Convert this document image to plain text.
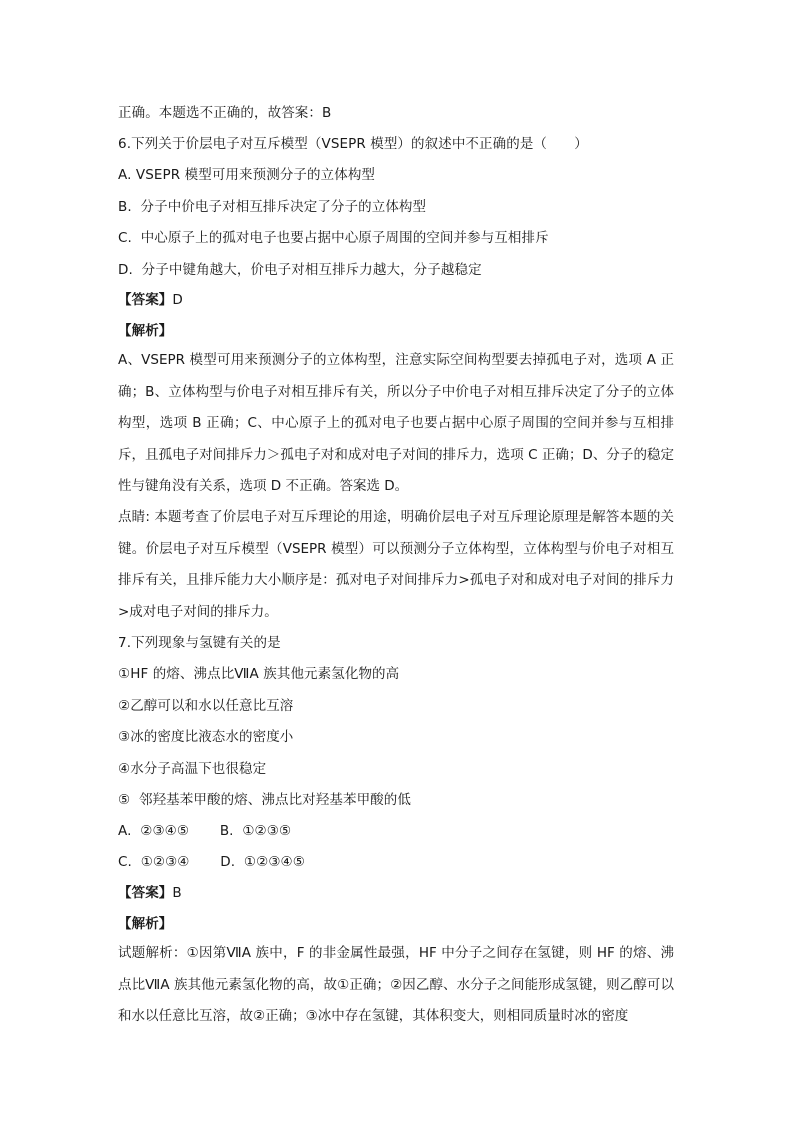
正确。本题选不正确的，故答案：B
6.下列关于价层电子对互斥模型（VSEPR 模型）的叙述中不正确的是（　　）
A. VSEPR 模型可用来预测分子的立体构型
B.  分子中价电子对相互排斥决定了分子的立体构型
C.  中心原子上的孤对电子也要占据中心原子周围的空间并参与互相排斥
D.  分子中键角越大，价电子对相互排斥力越大，分子越稳定
【答案】D
【解析】
A、VSEPR 模型可用来预测分子的立体构型，注意实际空间构型要去掉孤电子对，选项 A 正确；B、立体构型与价电子对相互排斥有关，所以分子中价电子对相互排斥决定了分子的立体构型，选项 B 正确；C、中心原子上的孤对电子也要占据中心原子周围的空间并参与互相排斥，且孤电子对间排斥力＞孤电子对和成对电子对间的排斥力，选项 C 正确；D、分子的稳定性与键角没有关系，选项 D 不正确。答案选 D。
点睛: 本题考查了价层电子对互斥理论的用途，明确价层电子对互斥理论原理是解答本题的关键。价层电子对互斥模型（VSEPR 模型）可以预测分子立体构型，立体构型与价电子对相互排斥有关，且排斥能力大小顺序是：孤对电子对间排斥力>孤电子对和成对电子对间的排斥力>成对电子对间的排斥力。
7.下列现象与氢键有关的是
①HF 的熔、沸点比ⅦA 族其他元素氢化物的高
②乙醇可以和水以任意比互溶
③冰的密度比液态水的密度小
④水分子高温下也很稳定
⑤  邻羟基苯甲酸的熔、沸点比对羟基苯甲酸的低
A.  ②③④⑤       B.  ①②③⑤
C.  ①②③④       D.  ①②③④⑤
【答案】B
【解析】
试题解析：①因第ⅦA 族中，F 的非金属性最强，HF 中分子之间存在氢键，则 HF 的熔、沸点比ⅦA 族其他元素氢化物的高，故①正确；②因乙醇、水分子之间能形成氢键，则乙醇可以和水以任意比互溶，故②正确；③冰中存在氢键，其体积变大，则相同质量时冰的密度
